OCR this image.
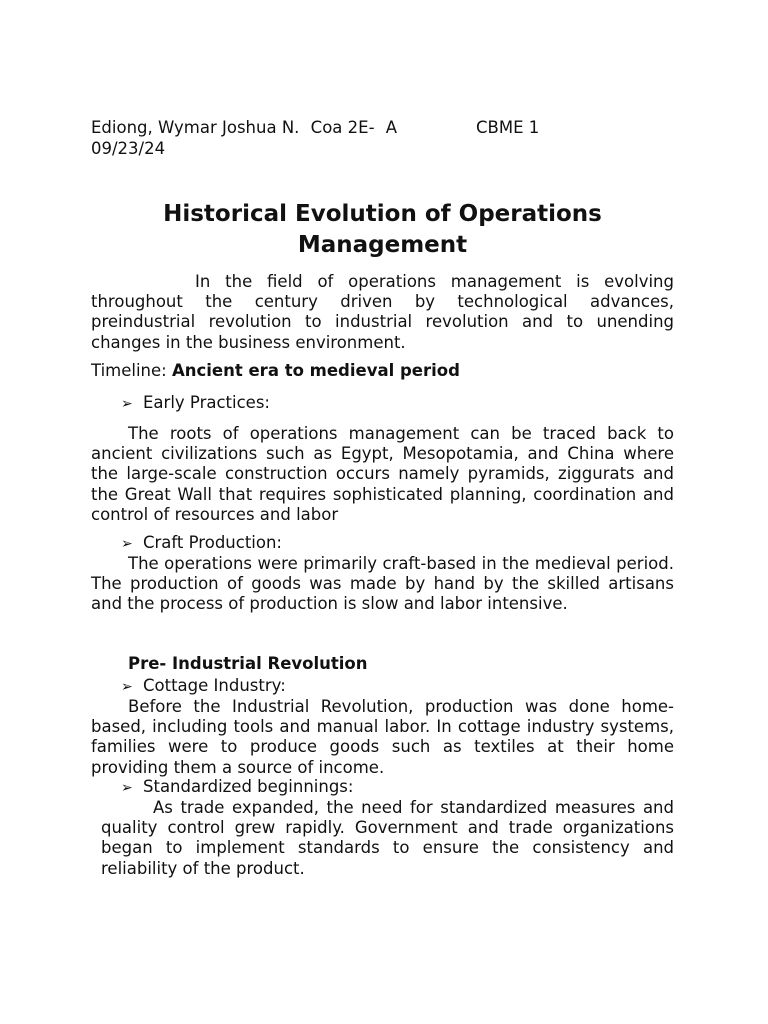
Ediong, Wymar Joshua N. Coa 2E- A	CBME 1
09/23/24
Historical Evolution of Operations Management

In the field of operations management is evolving throughout the century driven by technological advances, preindustrial revolution to industrial revolution and to unending changes in the business environment.

Timeline: Ancient era to medieval period
➢ Early Practices:

The roots of operations management can be traced back to ancient civilizations such as Egypt, Mesopotamia, and China where the large-scale construction occurs namely pyramids, ziggurats and the Great Wall that requires sophisticated planning, coordination and control of resources and labor

➢ Craft Production:

The operations were primarily craft-based in the medieval period. The production of goods was made by hand by the skilled artisans and the process of production is slow and labor intensive.

Pre- Industrial Revolution
➢ Cottage Industry:

Before the Industrial Revolution, production was done home-based, including tools and manual labor. In cottage industry systems, families were to produce goods such as textiles at their home providing them a source of income.

➢ Standardized beginnings:

As trade expanded, the need for standardized measures and quality control grew rapidly. Government and trade organizations began to implement standards to ensure the consistency and reliability of the product.
